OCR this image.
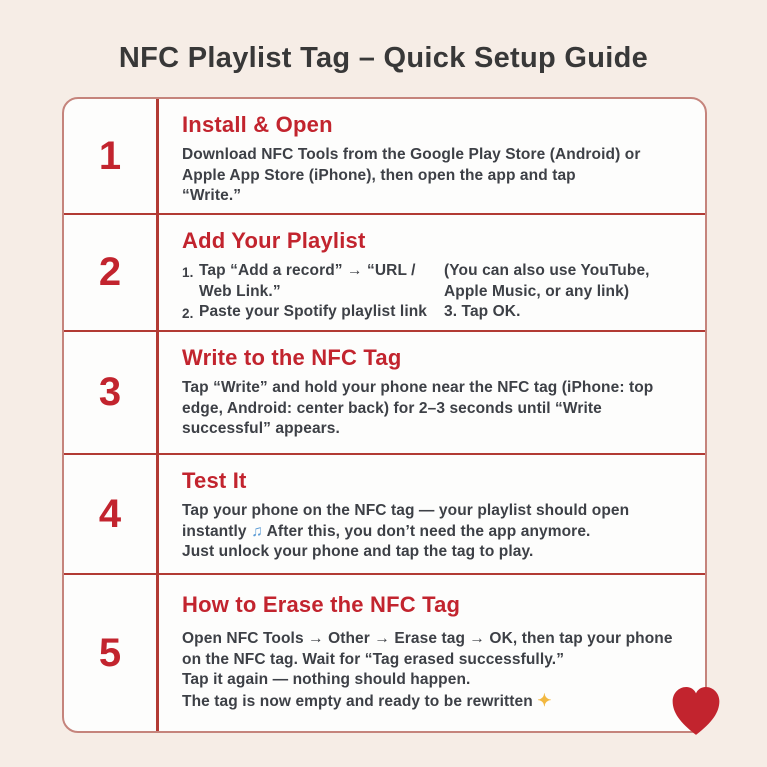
NFC Playlist Tag – Quick Setup Guide
1
Install & Open
Download NFC Tools from the Google Play Store (Android) or
Apple App Store (iPhone), then open the app and tap
“Write.”
2
Add Your Playlist
1. Tap “Add a record” → “URL /
Web Link.”
2. Paste your Spotify playlist link
(You can also use YouTube,
Apple Music, or any link)
3. Tap OK.
3
Write to the NFC Tag
Tap “Write” and hold your phone near the NFC tag (iPhone: top
edge, Android: center back) for 2–3 seconds until “Write
successful” appears.
4
Test It
Tap your phone on the NFC tag — your playlist should open
instantly ♫ After this, you don’t need the app anymore.
Just unlock your phone and tap the tag to play.
5
How to Erase the NFC Tag
Open NFC Tools → Other → Erase tag → OK, then tap your phone
on the NFC tag. Wait for “Tag erased successfully.”
Tap it again — nothing should happen.
The tag is now empty and ready to be rewritten ✦
